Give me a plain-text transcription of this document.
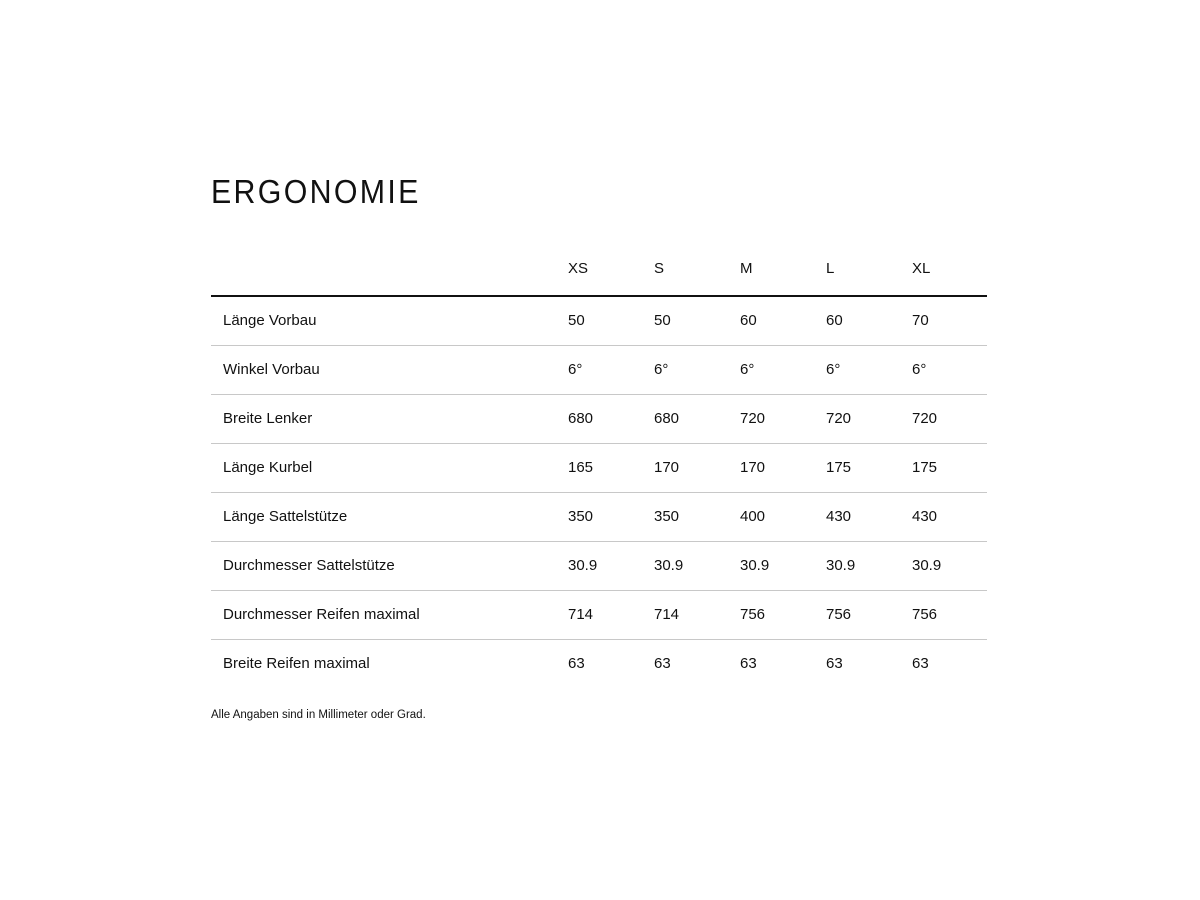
ERGONOMIE
	XS	S	M	L	XL
Länge Vorbau	50	50	60	60	70
Winkel Vorbau	6°	6°	6°	6°	6°
Breite Lenker	680	680	720	720	720
Länge Kurbel	165	170	170	175	175
Länge Sattelstütze	350	350	400	430	430
Durchmesser Sattelstütze	30.9	30.9	30.9	30.9	30.9
Durchmesser Reifen maximal	714	714	756	756	756
Breite Reifen maximal	63	63	63	63	63

Alle Angaben sind in Millimeter oder Grad.
